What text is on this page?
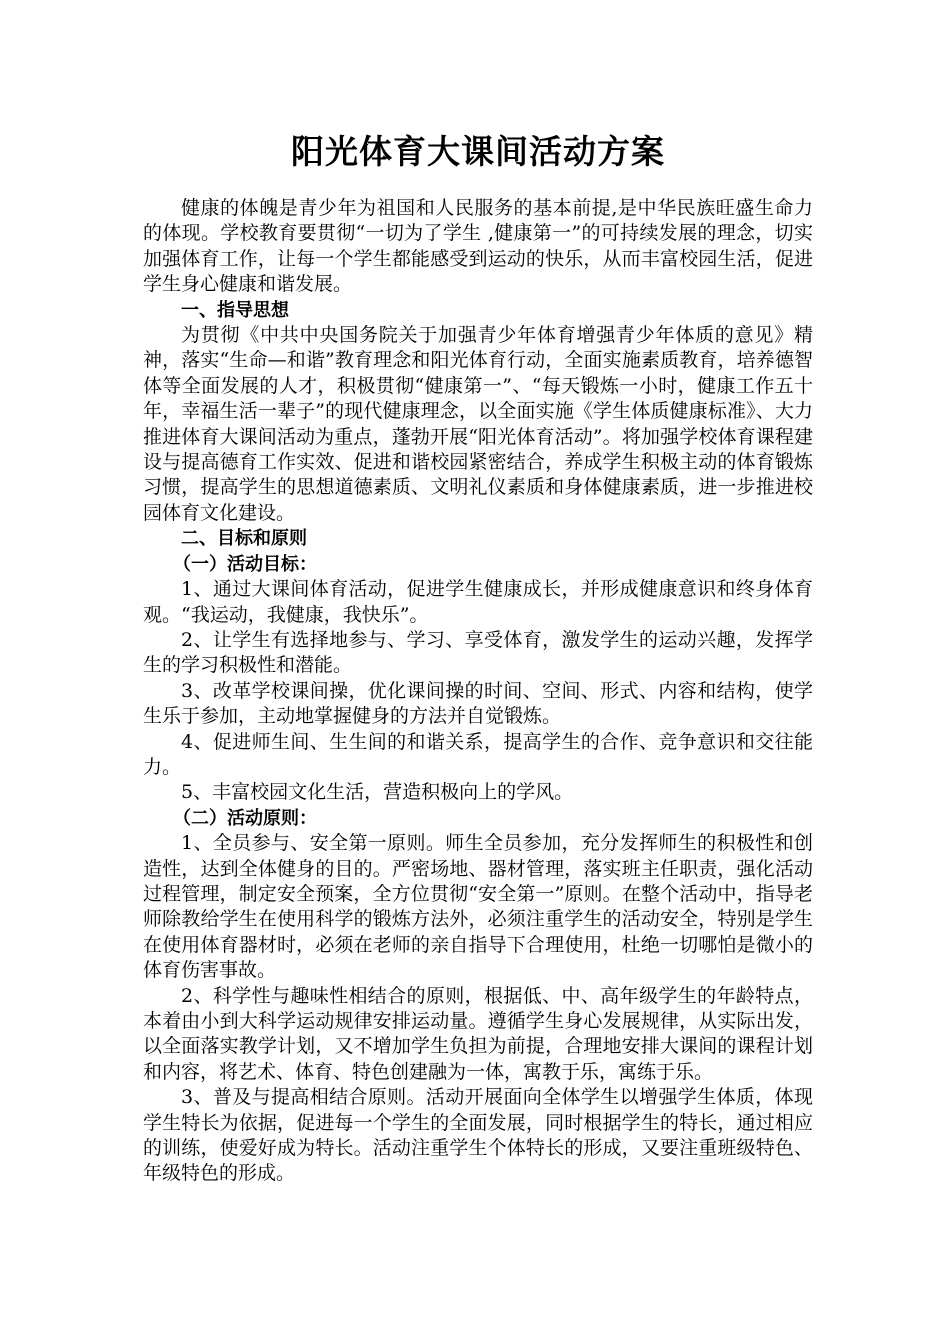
阳光体育大课间活动方案

健康的体魄是青少年为祖国和人民服务的基本前提,是中华民族旺盛生命力的体现。学校教育要贯彻“一切为了学生 ,健康第一”的可持续发展的理念，切实加强体育工作，让每一个学生都能感受到运动的快乐，从而丰富校园生活，促进学生身心健康和谐发展。

一、指导思想

为贯彻《中共中央国务院关于加强青少年体育增强青少年体质的意见》精神，落实“生命—和谐”教育理念和阳光体育行动，全面实施素质教育，培养德智体等全面发展的人才，积极贯彻“健康第一”、“每天锻炼一小时，健康工作五十年，幸福生活一辈子”的现代健康理念，以全面实施《学生体质健康标准》、大力推进体育大课间活动为重点，蓬勃开展“阳光体育活动”。将加强学校体育课程建设与提高德育工作实效、促进和谐校园紧密结合，养成学生积极主动的体育锻炼习惯，提高学生的思想道德素质、文明礼仪素质和身体健康素质，进一步推进校园体育文化建设。

二、目标和原则

（一）活动目标：

1、通过大课间体育活动，促进学生健康成长，并形成健康意识和终身体育观。“我运动，我健康，我快乐”。

2、让学生有选择地参与、学习、享受体育，激发学生的运动兴趣，发挥学生的学习积极性和潜能。

3、改革学校课间操，优化课间操的时间、空间、形式、内容和结构，使学生乐于参加，主动地掌握健身的方法并自觉锻炼。

4、促进师生间、生生间的和谐关系，提高学生的合作、竞争意识和交往能力。

5、丰富校园文化生活，营造积极向上的学风。

（二）活动原则：

1、全员参与、安全第一原则。师生全员参加，充分发挥师生的积极性和创造性，达到全体健身的目的。严密场地、器材管理，落实班主任职责，强化活动过程管理，制定安全预案，全方位贯彻“安全第一”原则。在整个活动中，指导老师除教给学生在使用科学的锻炼方法外，必须注重学生的活动安全，特别是学生在使用体育器材时，必须在老师的亲自指导下合理使用，杜绝一切哪怕是微小的体育伤害事故。

2、科学性与趣味性相结合的原则，根据低、中、高年级学生的年龄特点，本着由小到大科学运动规律安排运动量。遵循学生身心发展规律，从实际出发，以全面落实教学计划，又不增加学生负担为前提，合理地安排大课间的课程计划和内容，将艺术、体育、特色创建融为一体，寓教于乐，寓练于乐。

3、普及与提高相结合原则。活动开展面向全体学生以增强学生体质，体现学生特长为依据，促进每一个学生的全面发展，同时根据学生的特长，通过相应的训练，使爱好成为特长。活动注重学生个体特长的形成，又要注重班级特色、年级特色的形成。
